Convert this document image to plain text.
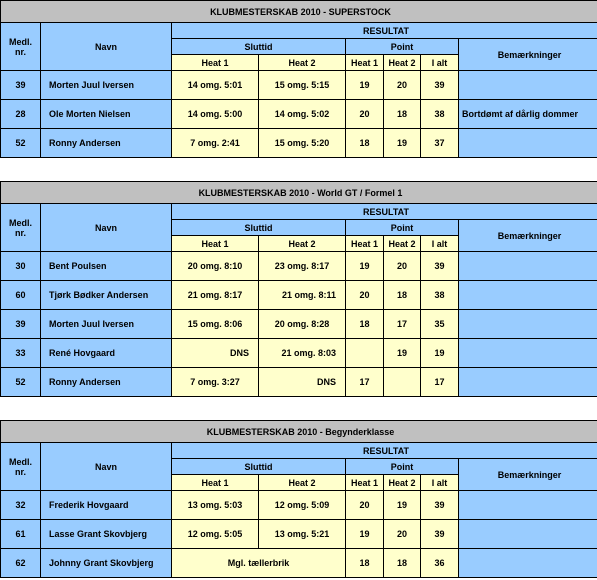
KLUBMESTERSKAB 2010 - SUPERSTOCK							
Medl.
nr.	Navn	RESULTAT					
		Sluttid		Point			Bemærkninger
		Heat 1	Heat 2	Heat 1	Heat 2	I alt	
39	Morten Juul Iversen	14 omg. 5:01	15 omg. 5:15	19	20	39	
28	Ole Morten Nielsen	14 omg. 5:00	14 omg. 5:02	20	18	38	Bortdømt af dårlig dommer
52	Ronny Andersen	7 omg. 2:41	15 omg. 5:20	18	19	37	
KLUBMESTERSKAB 2010 - World GT / Formel 1							
Medl.
nr.	Navn	RESULTAT					
		Sluttid		Point			Bemærkninger
		Heat 1	Heat 2	Heat 1	Heat 2	I alt	
30	Bent Poulsen	20 omg. 8:10	23 omg. 8:17	19	20	39	
60	Tjørk Bødker Andersen	21 omg. 8:17	21 omg. 8:11	20	18	38	
39	Morten Juul Iversen	15 omg. 8:06	20 omg. 8:28	18	17	35	
33	René Hovgaard	DNS	21 omg. 8:03		19	19	
52	Ronny Andersen	7 omg. 3:27	DNS	17		17	
KLUBMESTERSKAB 2010 - Begynderklasse							
Medl.
nr.	Navn	RESULTAT					
		Sluttid		Point			Bemærkninger
		Heat 1	Heat 2	Heat 1	Heat 2	I alt	
32	Frederik Hovgaard	13 omg. 5:03	12 omg. 5:09	20	19	39	
61	Lasse Grant Skovbjerg	12 omg. 5:05	13 omg. 5:21	19	20	39	
62	Johnny Grant Skovbjerg	Mgl. tællerbrik		18	18	36	
